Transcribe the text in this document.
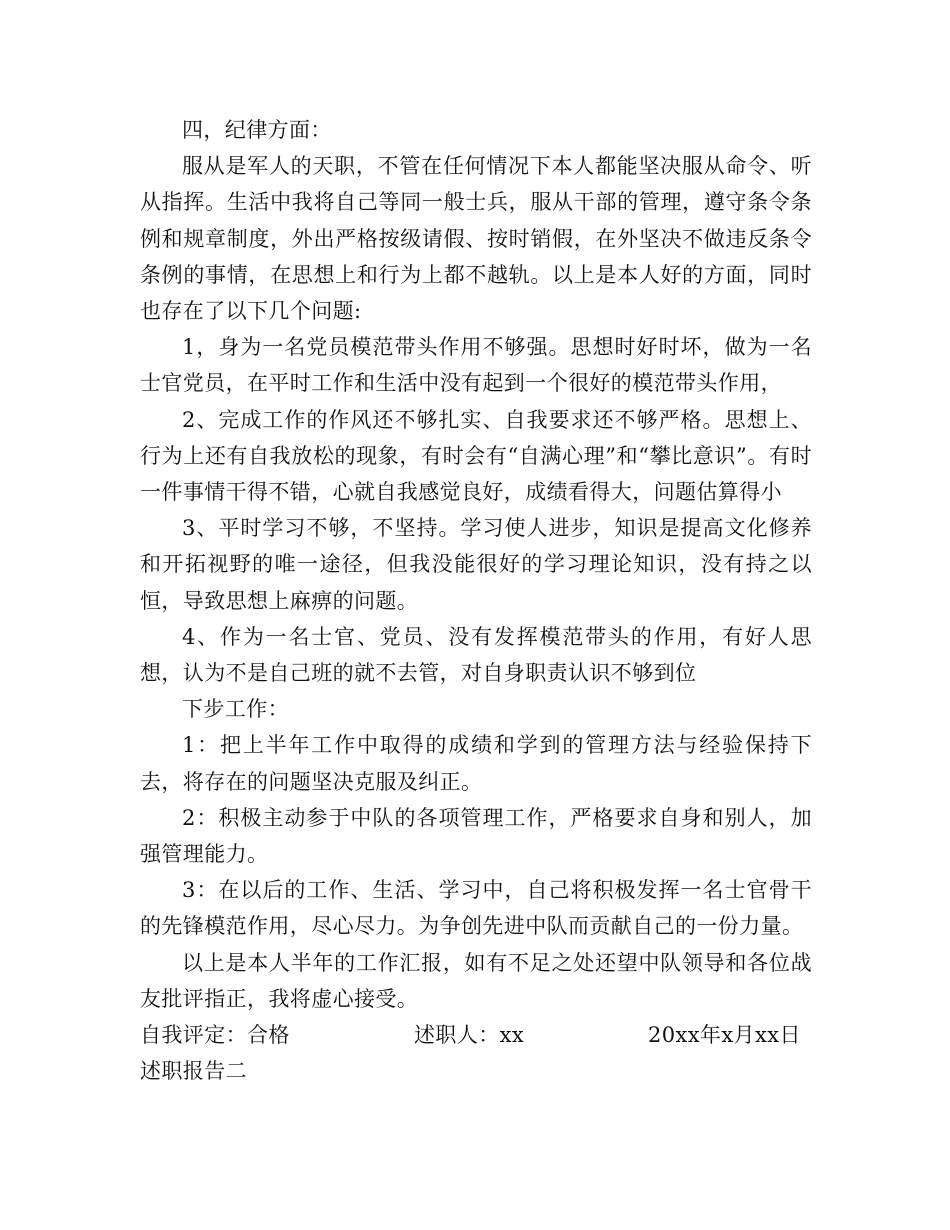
四，纪律方面：

服从是军人的天职，不管在任何情况下本人都能坚决服从命令、听从指挥。生活中我将自己等同一般士兵，服从干部的管理，遵守条令条例和规章制度，外出严格按级请假、按时销假，在外坚决不做违反条令条例的事情，在思想上和行为上都不越轨。以上是本人好的方面，同时也存在了以下几个问题:

1，身为一名党员模范带头作用不够强。思想时好时坏，做为一名士官党员，在平时工作和生活中没有起到一个很好的模范带头作用，

2、完成工作的作风还不够扎实、自我要求还不够严格。思想上、行为上还有自我放松的现象，有时会有“自满心理”和“攀比意识”。有时一件事情干得不错，心就自我感觉良好，成绩看得大，问题估算得小

3、平时学习不够，不坚持。学习使人进步，知识是提高文化修养和开拓视野的唯一途径，但我没能很好的学习理论知识，没有持之以恒，导致思想上麻痹的问题。

4、作为一名士官、党员、没有发挥模范带头的作用，有好人思想，认为不是自己班的就不去管，对自身职责认识不够到位

下步工作：

1：把上半年工作中取得的成绩和学到的管理方法与经验保持下去，将存在的问题坚决克服及纠正。

2：积极主动参于中队的各项管理工作，严格要求自身和别人，加强管理能力。

3：在以后的工作、生活、学习中，自己将积极发挥一名士官骨干的先锋模范作用，尽心尽力。为争创先进中队而贡献自己的一份力量。

以上是本人半年的工作汇报，如有不足之处还望中队领导和各位战友批评指正，我将虚心接受。

自我评定：合格	述职人：xx	20xx年x月xx日

述职报告二
